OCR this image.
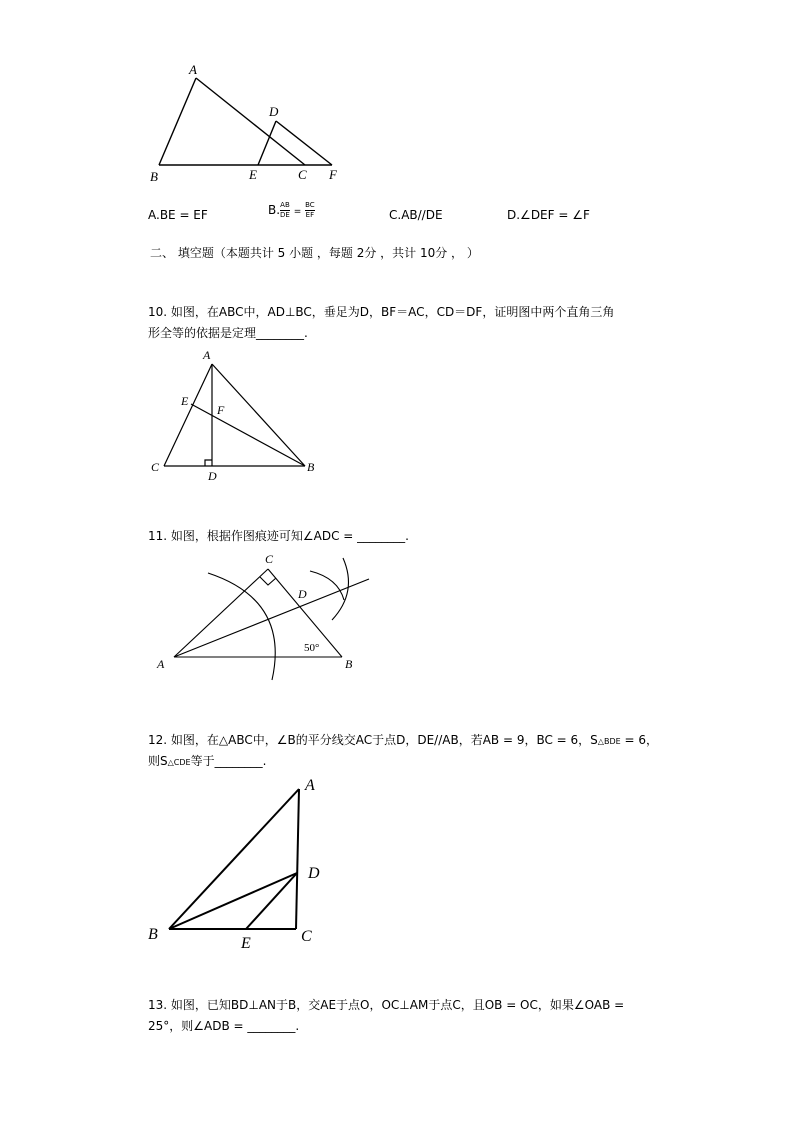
A
D
B	E	C F
A.BE = EF	B. $\frac{AB}{DE} = \frac{BC}{EF}$	C.AB//DE	D.∠DEF = ∠F
二、 填空题（本题共计 5 小题 ，每题 2分 ，共计 10分 ， ）
10. 如图，在ABC中，AD⊥BC，垂足为D，BF＝AC，CD＝DF，证明图中两个直角三角
形全等的依据是定理________.
A
E
F
C
D
B
11. 如图，根据作图痕迹可知∠ADC = ________.
C
D
A	B
50°
12. 如图，在△ABC中，∠B的平分线交AC于点D，DE//AB，若AB = 9，BC = 6，S△BDE = 6，
则S△CDE等于________.
A
D
B
E	C
13. 如图，已知BD⊥AN于B，交AE于点O，OC⊥AM于点C，且OB = OC，如果∠OAB =
25°，则∠ADB = ________.
